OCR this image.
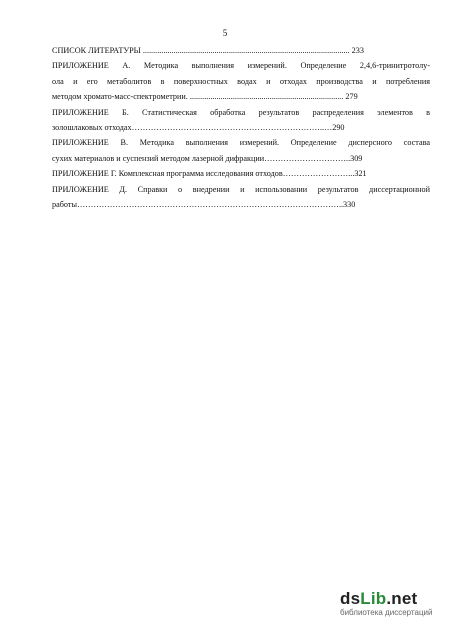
5
СПИСОК ЛИТЕРАТУРЫ ..................................................................................................... 233
ПРИЛОЖЕНИЕ А. Методика выполнения измерений. Определение 2,4,6-тринитротолу-
ола и его метаболитов в поверхностных водах и отходах производства и потребления
методом хромато-масс-спектрометрии. ........................................................................... 279
ПРИЛОЖЕНИЕ Б. Статистическая обработка результатов распределения элементов в
золошлаковых отходах……………………………………………………………..…290
ПРИЛОЖЕНИЕ В. Методика выполнения измерений. Определение дисперсного состава
сухих материалов и суспензий методом лазерной дифракции…………………………..309
ПРИЛОЖЕНИЕ Г. Комплексная программа исследования отходов……………………...321
ПРИЛОЖЕНИЕ Д. Справки о внедрении и использовании результатов диссертационной
работы……………………………………………………………………………………..330
dsLib.net
библиотека диссертаций
